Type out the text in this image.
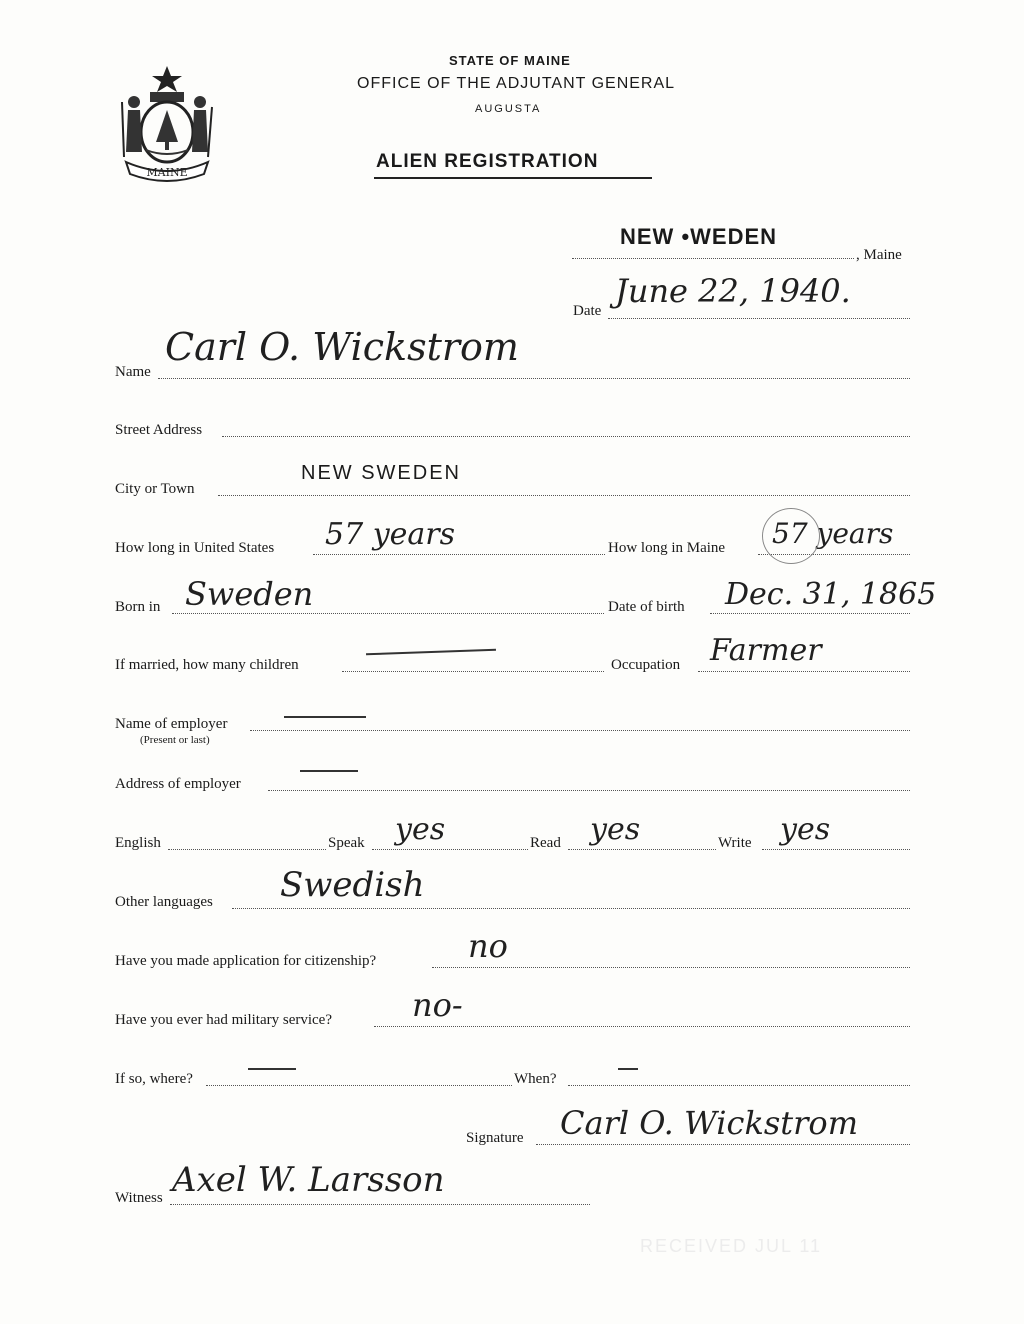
MAINE
STATE OF MAINE
OFFICE OF THE ADJUTANT GENERAL
AUGUSTA
ALIEN REGISTRATION
NEW •WEDEN
, Maine
Date
June 22, 1940.
Name
Carl O. Wickstrom
Street Address
City or Town
NEW SWEDEN
How long in United States 57 years	How long in Maine 57 years
Born in Sweden	Date of birth Dec. 31, 1865
If married, how many children	Occupation Farmer
Name of employer
(Present or last)
Address of employer
English	Speak yes	Read yes	Write yes
Other languages Swedish
Have you made application for citizenship?	no
Have you ever had military service?	no-
If so, where?	When?
Signature Carl O. Wickstrom
Witness Axel W. Larsson
RECEIVED JUL 11
